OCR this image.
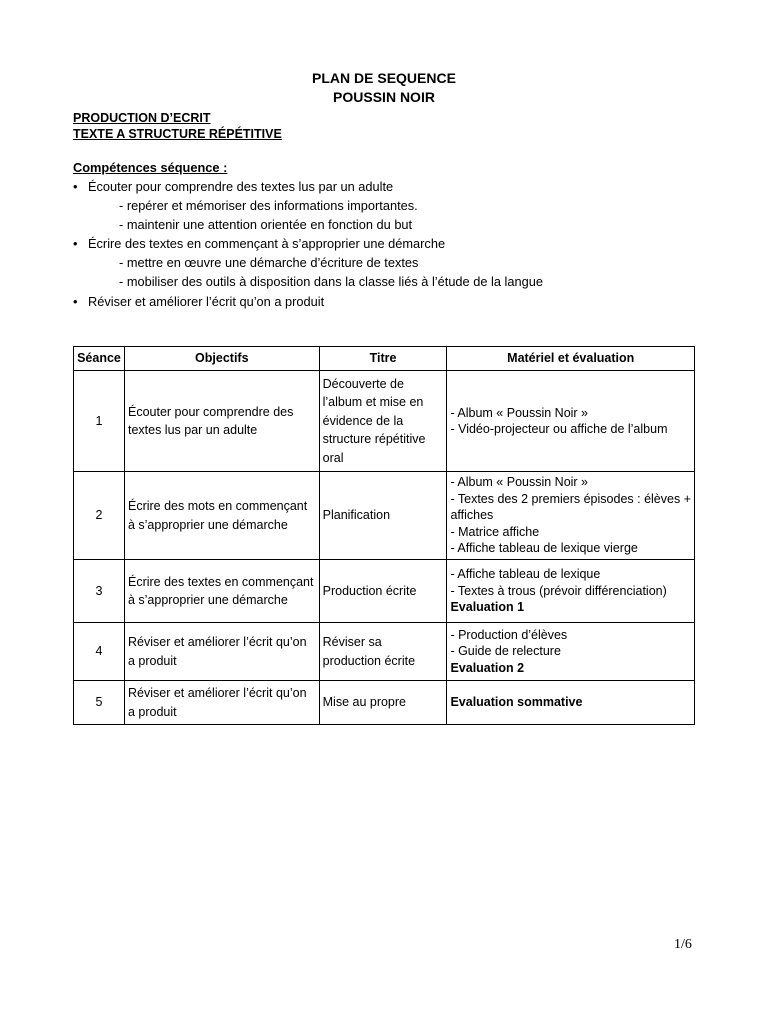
PLAN DE SEQUENCE
POUSSIN NOIR
PRODUCTION D’ECRIT
TEXTE A STRUCTURE RÉPÉTITIVE
Compétences séquence :
• Écouter pour comprendre des textes lus par un adulte
- repérer et mémoriser des informations importantes.
- maintenir une attention orientée en fonction du but
• Écrire des textes en commençant à s’approprier une démarche
- mettre en œuvre une démarche d’écriture de textes
- mobiliser des outils à disposition dans la classe liés à l’étude de la langue
• Réviser et améliorer l’écrit qu’on a produit
Séance	Objectifs	Titre	Matériel et évaluation
1	Écouter pour comprendre des textes lus par un adulte	Découverte de l’album et mise en évidence de la structure répétitive oral	- Album « Poussin Noir »
- Vidéo-projecteur ou affiche de l’album

2	Écrire des mots en commençant à s’approprier une démarche	Planification	- Album « Poussin Noir »
- Textes des 2 premiers épisodes : élèves + affiches
- Matrice affiche
- Affiche tableau de lexique vierge

3	Écrire des textes en commençant à s’approprier une démarche	Production écrite	- Affiche tableau de lexique
- Textes à trous (prévoir différenciation)
Evaluation 1

4	Réviser et améliorer l’écrit qu’on a produit	Réviser sa production écrite	- Production d’élèves
- Guide de relecture
Evaluation 2

5	Réviser et améliorer l’écrit qu’on a produit	Mise au propre	Evaluation sommative
1/6
